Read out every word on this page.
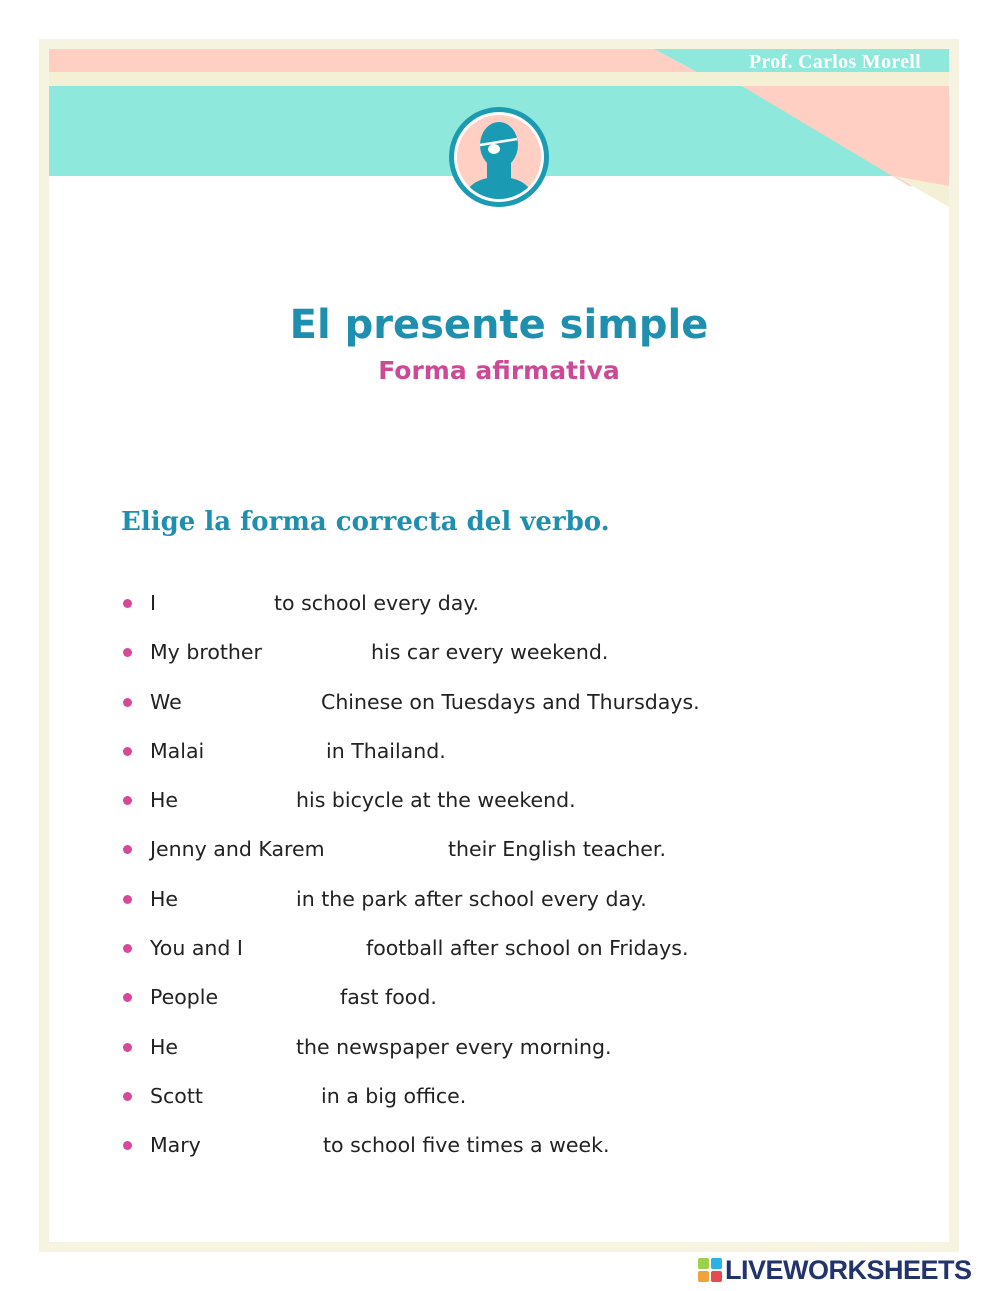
Prof. Carlos Morell
El presente simple
Forma afirmativa
Elige la forma correcta del verbo.
I	to school every day.
My brother	his car every weekend.
We	Chinese on Tuesdays and Thursdays.
Malai	in Thailand.
He	his bicycle at the weekend.
Jenny and Karem	their English teacher.
He	in the park after school every day.
You and I	football after school on Fridays.
People	fast food.
He	the newspaper every morning.
Scott	in a big office.
Mary	to school five times a week.
LIVEWORKSHEETS
